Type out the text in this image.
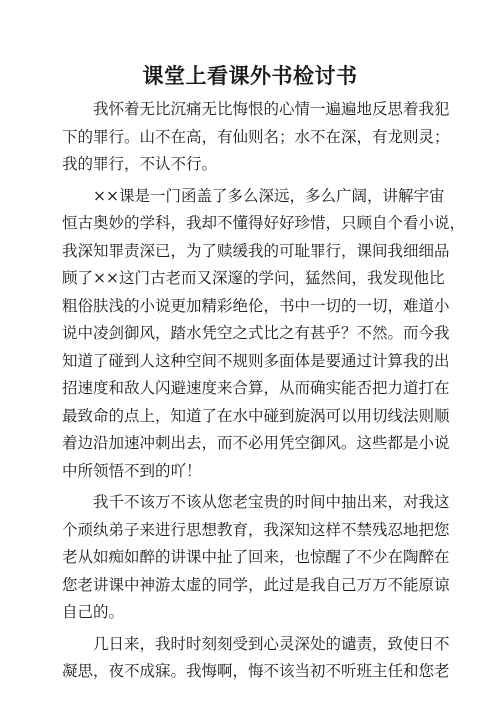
课堂上看课外书检讨书
我怀着无比沉痛无比悔恨的心情一遍遍地反思着我犯
下的罪行。山不在高，有仙则名；水不在深，有龙则灵；
我的罪行，不认不行。
××课是一门函盖了多么深远，多么广阔，讲解宇宙
恒古奥妙的学科，我却不懂得好好珍惜，只顾自个看小说，
我深知罪责深已，为了赎缓我的可耻罪行，课间我细细品
顾了××这门古老而又深邃的学问，猛然间，我发现他比
粗俗肤浅的小说更加精彩绝伦，书中一切的一切，难道小
说中凌剑御风，踏水凭空之式比之有甚乎？不然。而今我
知道了碰到人这种空间不规则多面体是要通过计算我的出
招速度和敌人闪避速度来合算，从而确实能否把力道打在
最致命的点上，知道了在水中碰到旋涡可以用切线法则顺
着边沿加速冲刺出去，而不必用凭空御风。这些都是小说
中所领悟不到的吖！
我千不该万不该从您老宝贵的时间中抽出来，对我这
个顽纨弟子来进行思想教育，我深知这样不禁残忍地把您
老从如痴如醉的讲课中扯了回来，也惊醒了不少在陶醉在
您老讲课中神游太虚的同学，此过是我自己万万不能原谅
自己的。
几日来，我时时刻刻受到心灵深处的谴责，致使日不
凝思，夜不成寐。我悔啊，悔不该当初不听班主任和您老
